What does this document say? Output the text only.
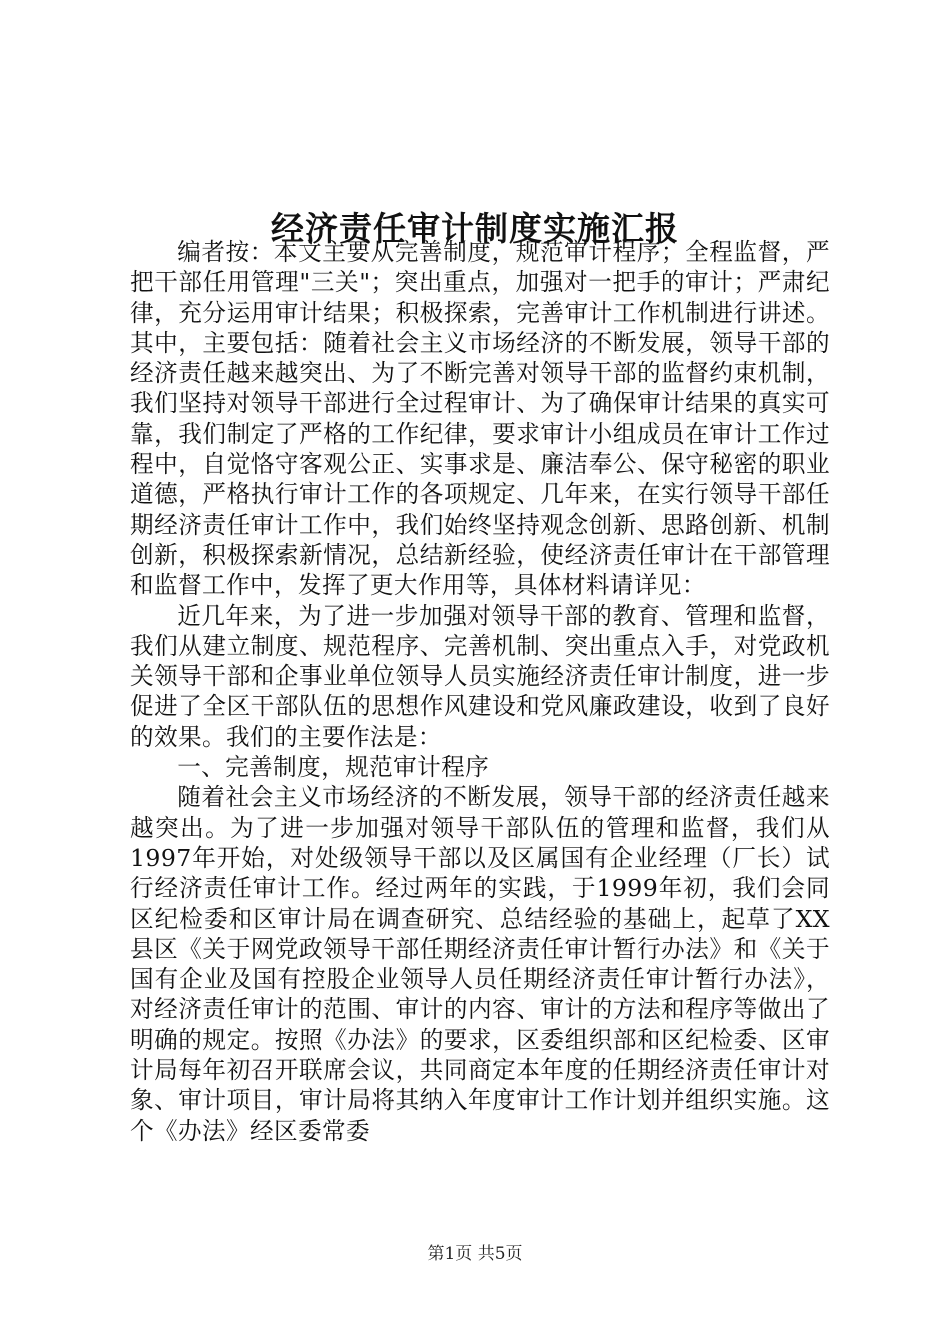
经济责任审计制度实施汇报

编者按：本文主要从完善制度，规范审计程序；全程监督，严把干部任用管理"三关"；突出重点，加强对一把手的审计；严肃纪律，充分运用审计结果；积极探索，完善审计工作机制进行讲述。其中，主要包括：随着社会主义市场经济的不断发展，领导干部的经济责任越来越突出、为了不断完善对领导干部的监督约束机制，我们坚持对领导干部进行全过程审计、为了确保审计结果的真实可靠，我们制定了严格的工作纪律，要求审计小组成员在审计工作过程中，自觉恪守客观公正、实事求是、廉洁奉公、保守秘密的职业道德，严格执行审计工作的各项规定、几年来，在实行领导干部任期经济责任审计工作中，我们始终坚持观念创新、思路创新、机制创新，积极探索新情况，总结新经验，使经济责任审计在干部管理和监督工作中，发挥了更大作用等，具体材料请详见：

近几年来，为了进一步加强对领导干部的教育、管理和监督，我们从建立制度、规范程序、完善机制、突出重点入手，对党政机关领导干部和企事业单位领导人员实施经济责任审计制度，进一步促进了全区干部队伍的思想作风建设和党风廉政建设，收到了良好的效果。我们的主要作法是：

一、完善制度，规范审计程序

随着社会主义市场经济的不断发展，领导干部的经济责任越来越突出。为了进一步加强对领导干部队伍的管理和监督，我们从1997年开始，对处级领导干部以及区属国有企业经理（厂长）试行经济责任审计工作。经过两年的实践，于1999年初，我们会同区纪检委和区审计局在调查研究、总结经验的基础上，起草了XX县区《关于网党政领导干部任期经济责任审计暂行办法》和《关于国有企业及国有控股企业领导人员任期经济责任审计暂行办法》，对经济责任审计的范围、审计的内容、审计的方法和程序等做出了明确的规定。按照《办法》的要求，区委组织部和区纪检委、区审计局每年初召开联席会议，共同商定本年度的任期经济责任审计对象、审计项目，审计局将其纳入年度审计工作计划并组织实施。这个《办法》经区委常委

第1页 共5页
